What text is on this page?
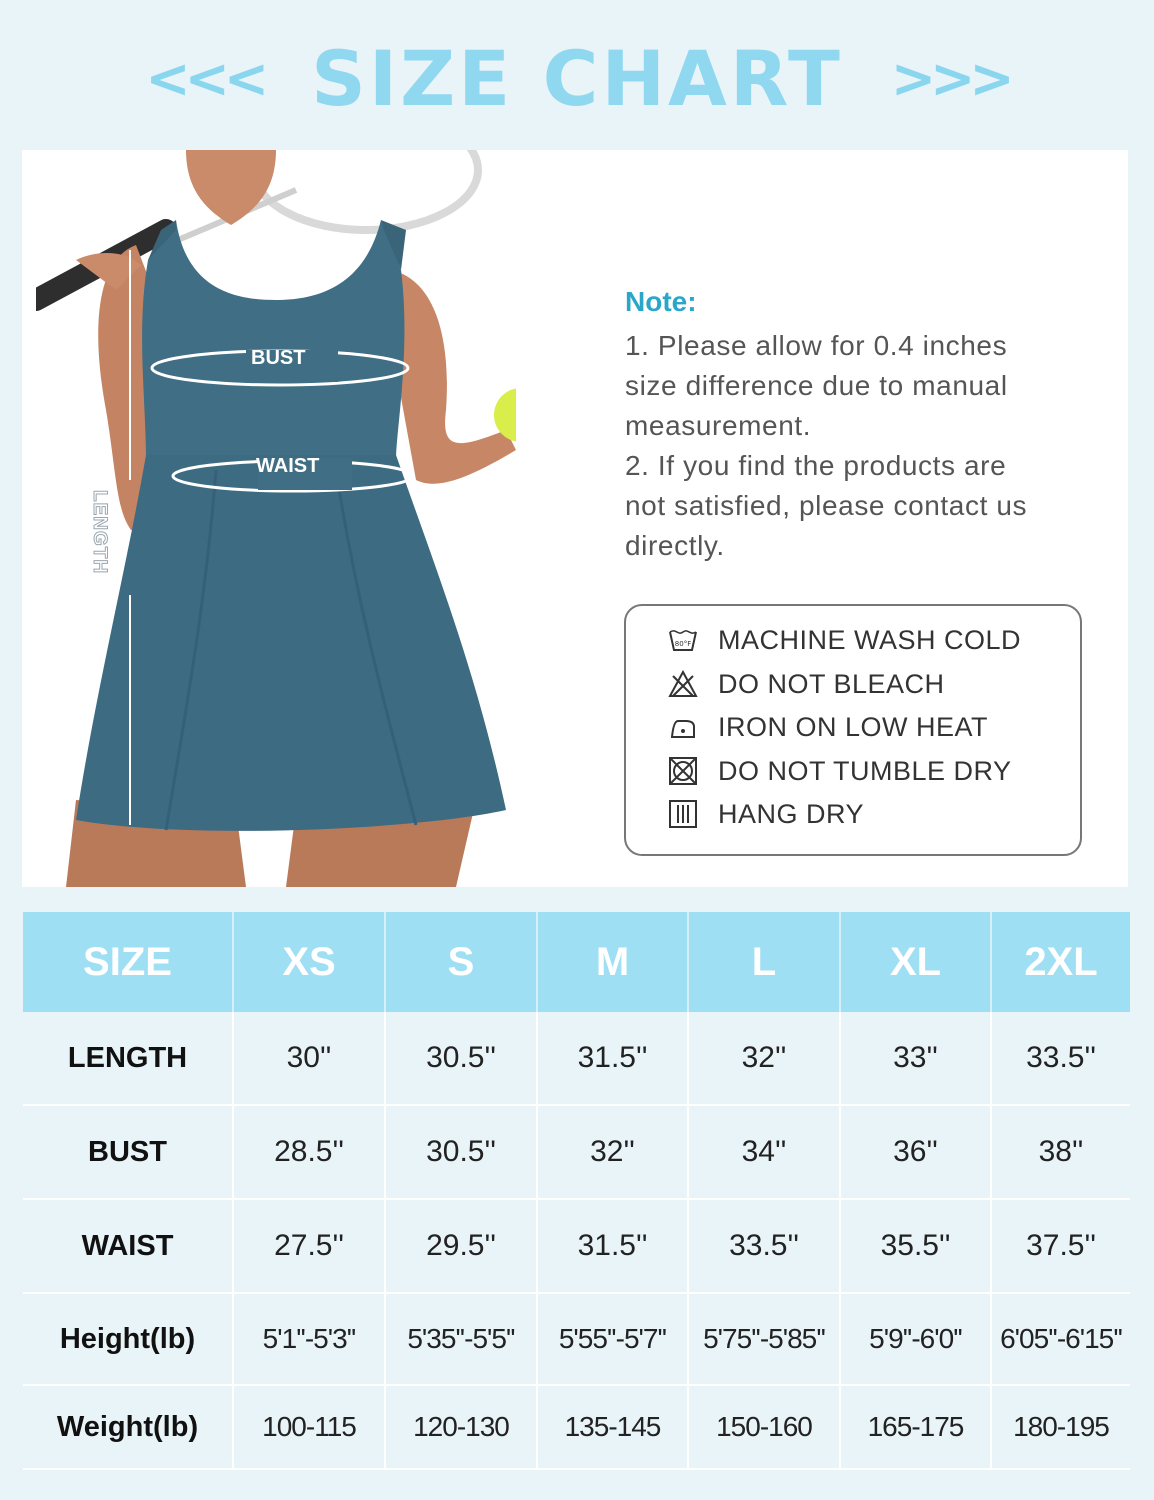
<<< SIZE CHART >>>
BUST
WAIST
LENGTH

Note:

1. Please allow for 0.4 inches

size difference due to manual

measurement.

2. If you find the products are

not satisfied, please contact us

directly.

80°F MACHINE WASH COLD
DO NOT BLEACH
IRON ON LOW HEAT
DO NOT TUMBLE DRY
HANG DRY
SIZE	XS	S	M	L	XL	2XL
LENGTH	30''	30.5''	31.5''	32''	33''	33.5''
BUST	28.5''	30.5''	32''	34''	36''	38''
WAIST	27.5''	29.5''	31.5''	33.5''	35.5''	37.5''
Height(lb)	5'1''-5'3''	5'35''-5'5''	5'55''-5'7''	5'75''-5'85''	5'9''-6'0''	6'05''-6'15''
Weight(lb)	100-115	120-130	135-145	150-160	165-175	180-195
